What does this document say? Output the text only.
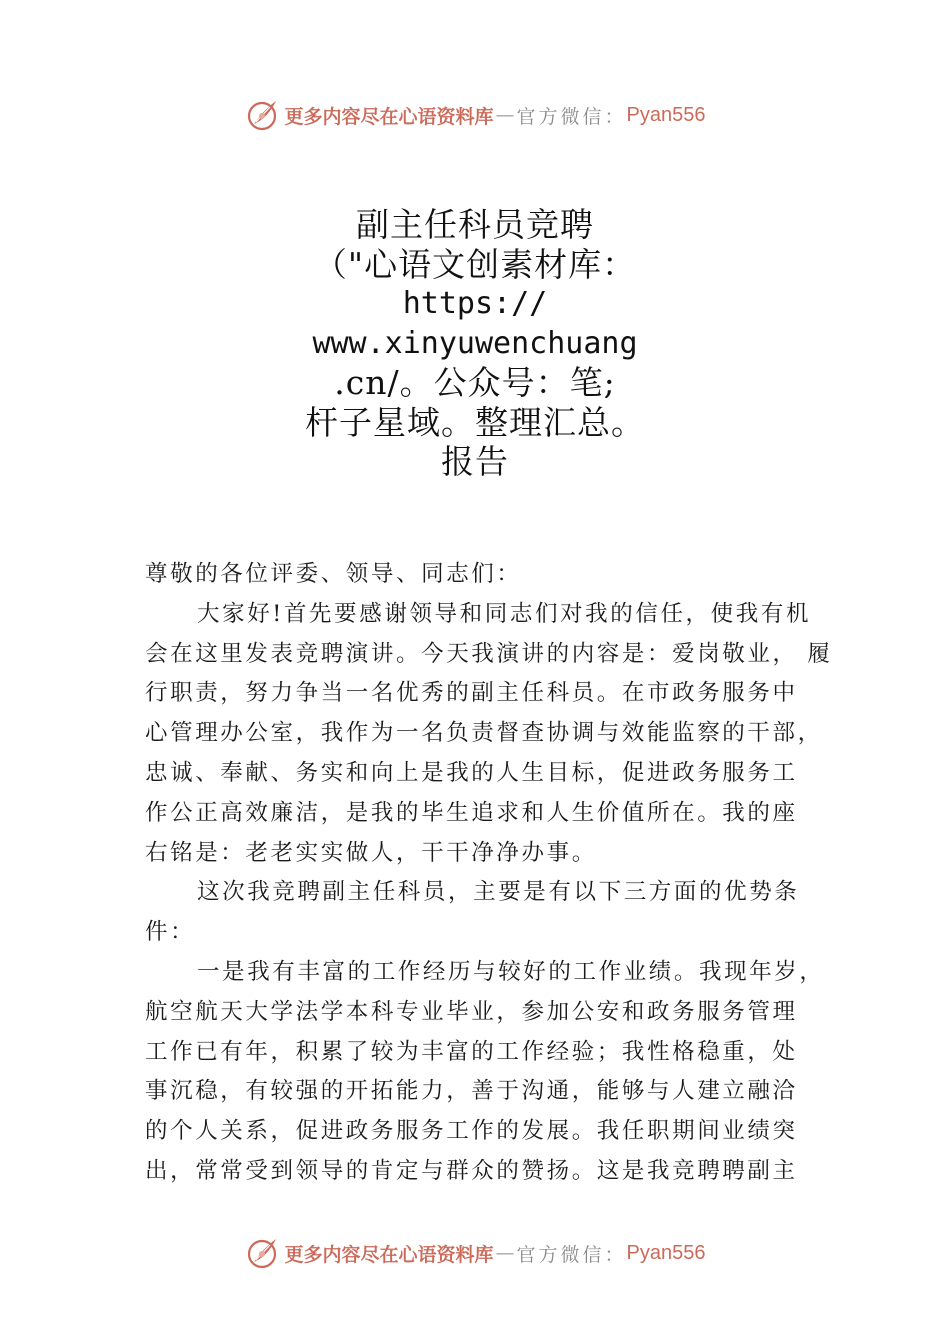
更多内容尽在心语资料库 — 官方微信： Pyan556
副主任科员竞聘
（"心语文创素材库：
https://
www.xinyuwenchuang
.cn/。公众号：笔;
杆子星域。整理汇总。
报告
尊敬的各位评委、领导、同志们：
大家好!首先要感谢领导和同志们对我的信任，使我有机
会在这里发表竞聘演讲。今天我演讲的内容是：爱岗敬业， 履
行职责，努力争当一名优秀的副主任科员。在市政务服务中
心管理办公室，我作为一名负责督查协调与效能监察的干部，
忠诚、奉献、务实和向上是我的人生目标，促进政务服务工
作公正高效廉洁，是我的毕生追求和人生价值所在。我的座
右铭是：老老实实做人，干干净净办事。
这次我竞聘副主任科员，主要是有以下三方面的优势条
件：
一是我有丰富的工作经历与较好的工作业绩。我现年岁，
航空航天大学法学本科专业毕业，参加公安和政务服务管理
工作已有年，积累了较为丰富的工作经验；我性格稳重，处
事沉稳，有较强的开拓能力，善于沟通，能够与人建立融洽
的个人关系，促进政务服务工作的发展。我任职期间业绩突
出，常常受到领导的肯定与群众的赞扬。这是我竞聘聘副主
更多内容尽在心语资料库 — 官方微信： Pyan556
